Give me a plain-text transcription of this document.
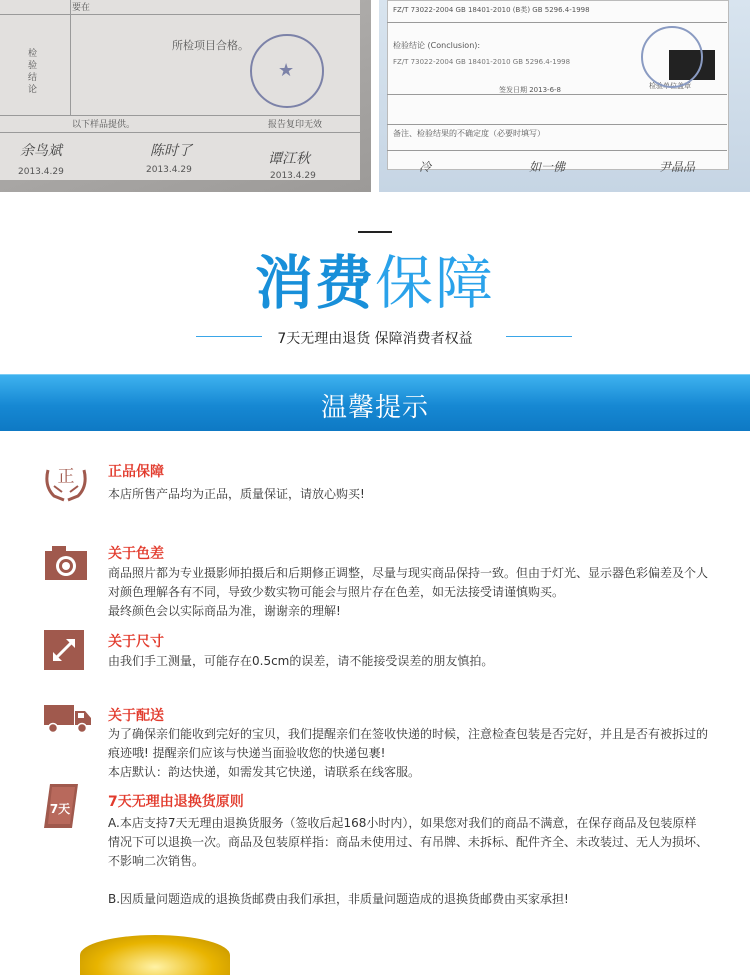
要在
检
验
结
论
所检项目合格。
以下样品提供。	报告复印无效
★
余鸟斌
2013.4.29
陈时了
2013.4.29
谭江秋
2013.4.29
FZ/T 73022-2004 GB 18401-2010 (B类) GB 5296.4-1998
检验结论 (Conclusion):
FZ/T 73022-2004 GB 18401-2010 GB 5296.4-1998
签发日期 2013-6-8
备注、检验结果的不确定度（必要时填写）
检验单位盖章
冷	如一佛	尹晶品
消费保障
7天无理由退货 保障消费者权益
温馨提示
正 正品保障
本店所售产品均为正品，质量保证，请放心购买!
关于色差
商品照片都为专业摄影师拍摄后和后期修正调整，尽量与现实商品保持一致。但由于灯光、显示器色彩偏差及个人
对颜色理解各有不同，导致少数实物可能会与照片存在色差，如无法接受请谨慎购买。
最终颜色会以实际商品为准，谢谢亲的理解!
关于尺寸
由我们手工测量，可能存在0.5cm的误差，请不能接受误差的朋友慎拍。
关于配送
为了确保亲们能收到完好的宝贝，我们提醒亲们在签收快递的时候，注意检查包装是否完好，并且是否有被拆过的
痕迹哦! 提醒亲们应该与快递当面验收您的快递包裹!
本店默认：韵达快递，如需发其它快递，请联系在线客服。
7天	7天无理由退换货原则
A.本店支持7天无理由退换货服务（签收后起168小时内），如果您对我们的商品不满意，在保存商品及包装原样
情况下可以退换一次。商品及包装原样指：商品未使用过、有吊牌、未拆标、配件齐全、未改装过、无人为损坏、
不影响二次销售。
B.因质量问题造成的退换货邮费由我们承担，非质量问题造成的退换货邮费由买家承担!
